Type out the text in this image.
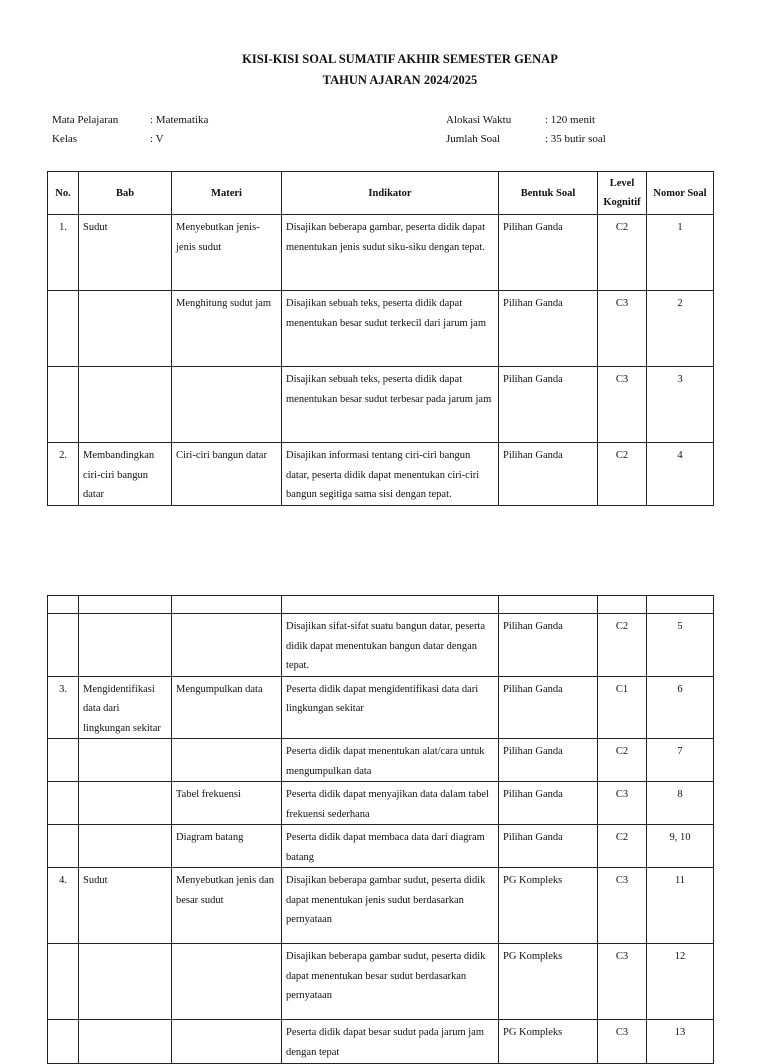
KISI-KISI SOAL SUMATIF AKHIR SEMESTER GENAP
TAHUN AJARAN 2024/2025
Mata Pelajaran	: Matematika
Kelas	: V
Alokasi Waktu	: 120 menit
Jumlah Soal	: 35 butir soal
No.	Bab	Materi	Indikator	Bentuk Soal	Level Kognitif	Nomor Soal
1.	Sudut	Menyebutkan jenis-jenis sudut	Disajikan beberapa gambar, peserta didik dapat menentukan jenis sudut siku-siku dengan tepat.	Pilihan Ganda	C2	1
		Menghitung sudut jam	Disajikan sebuah teks, peserta didik dapat menentukan besar sudut terkecil dari jarum jam	Pilihan Ganda	C3	2
			Disajikan sebuah teks, peserta didik dapat menentukan besar sudut terbesar pada jarum jam	Pilihan Ganda	C3	3
2.	Membandingkan ciri-ciri bangun datar	Ciri-ciri bangun datar	Disajikan informasi tentang ciri-ciri bangun datar, peserta didik dapat menentukan ciri-ciri bangun segitiga sama sisi dengan tepat.	Pilihan Ganda	C2	4

			Disajikan sifat-sifat suatu bangun datar, peserta didik dapat menentukan bangun datar dengan tepat.	Pilihan Ganda	C2	5
3.	Mengidentifikasi data dari lingkungan sekitar	Mengumpulkan data	Peserta didik dapat mengidentifikasi data dari lingkungan sekitar	Pilihan Ganda	C1	6
			Peserta didik dapat menentukan alat/cara untuk mengumpulkan data	Pilihan Ganda	C2	7
		Tabel frekuensi	Peserta didik dapat menyajikan data dalam tabel frekuensi sederhana	Pilihan Ganda	C3	8
		Diagram batang	Peserta didik dapat membaca data dari diagram batang	Pilihan Ganda	C2	9, 10
4.	Sudut	Menyebutkan jenis dan besar sudut	Disajikan beberapa gambar sudut, peserta didik dapat menentukan jenis sudut berdasarkan pernyataan	PG Kompleks	C3	11
			Disajikan beberapa gambar sudut, peserta didik dapat menentukan besar sudut berdasarkan pernyataan	PG Kompleks	C3	12
			Peserta didik dapat besar sudut pada jarum jam dengan tepat	PG Kompleks	C3	13
